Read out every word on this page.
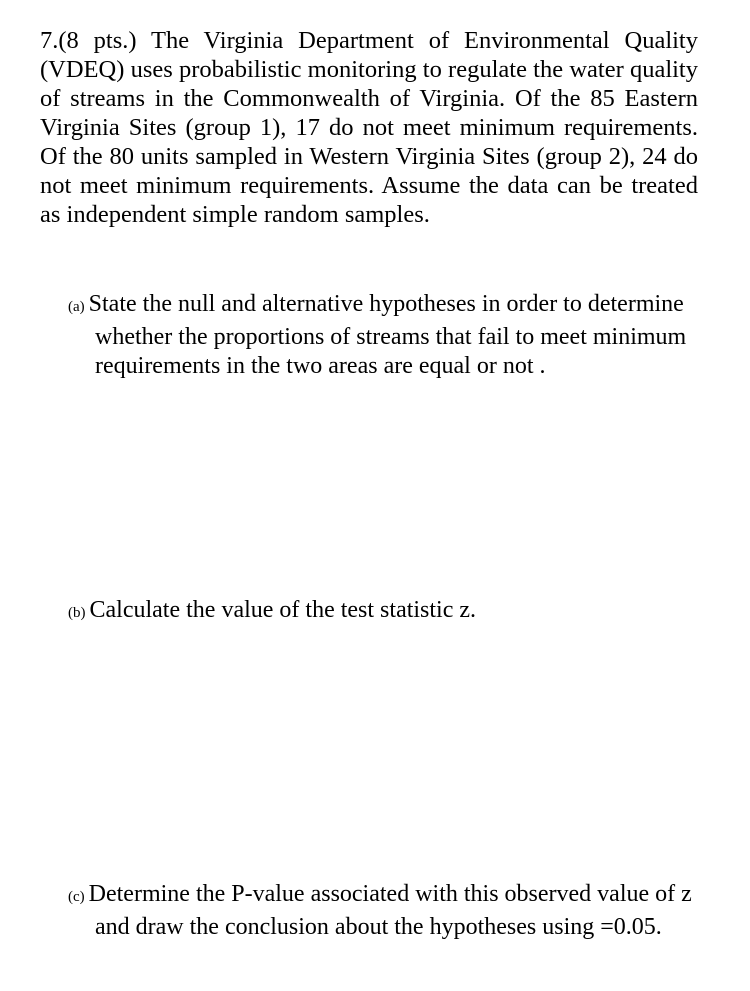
7.(8 pts.) The Virginia Department of Environmental Quality (VDEQ) uses probabilistic monitoring to regulate the water quality of streams in the Commonwealth of Virginia. Of the 85 Eastern Virginia Sites (group 1), 17 do not meet minimum requirements. Of the 80 units sampled in Western Virginia Sites (group 2), 24 do not meet minimum requirements. Assume the data can be treated as independent simple random samples.
(a) State the null and alternative hypotheses in order to determine whether the proportions of streams that fail to meet minimum requirements in the two areas are equal or not .
(b) Calculate the value of the test statistic z.
(c) Determine the P-value associated with this observed value of z and draw the conclusion about the hypotheses using =0.05.
